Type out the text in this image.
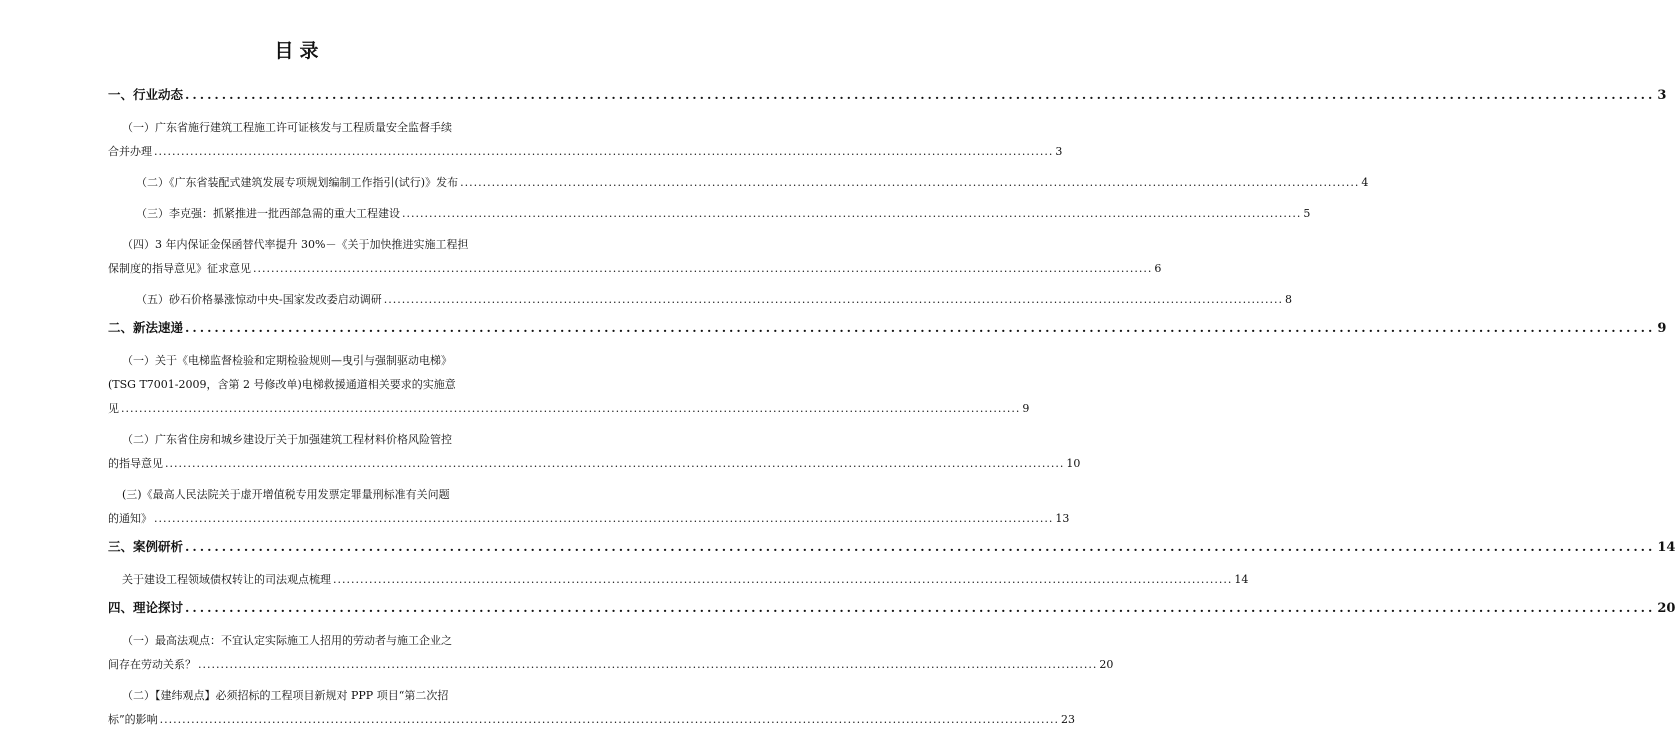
目录
一、行业动态 ........................................................................................................................................................................................................ 3
（一）广东省施行建筑工程施工许可证核发与工程质量安全监督手续
合并办理 ........................................................................................................................................................................................................ 3
（二）《广东省装配式建筑发展专项规划编制工作指引(试行)》发布 ........................................................................................................................................................................................................ 4
（三）李克强：抓紧推进一批西部急需的重大工程建设 ........................................................................................................................................................................................................ 5
（四）3 年内保证金保函替代率提升 30%－《关于加快推进实施工程担
保制度的指导意见》征求意见 ........................................................................................................................................................................................................ 6
（五）砂石价格暴涨惊动中央-国家发改委启动调研 ........................................................................................................................................................................................................ 8
二、新法速递 ........................................................................................................................................................................................................ 9
（一）关于《电梯监督检验和定期检验规则—曳引与强制驱动电梯》
(TSG T7001-2009，含第 2 号修改单)电梯救援通道相关要求的实施意
见 ........................................................................................................................................................................................................ 9
（二）广东省住房和城乡建设厅关于加强建筑工程材料价格风险管控
的指导意见 ........................................................................................................................................................................................................ 10
(三)《最高人民法院关于虚开增值税专用发票定罪量刑标准有关问题
的通知》 ........................................................................................................................................................................................................ 13
三、案例研析 ........................................................................................................................................................................................................ 14
关于建设工程领域债权转让的司法观点梳理 ........................................................................................................................................................................................................ 14
四、理论探讨 ........................................................................................................................................................................................................ 20
（一）最高法观点：不宜认定实际施工人招用的劳动者与施工企业之
间存在劳动关系？ ........................................................................................................................................................................................................ 20
（二）【建纬观点】必须招标的工程项目新规对 PPP 项目“第二次招
标”的影响 ........................................................................................................................................................................................................ 23
